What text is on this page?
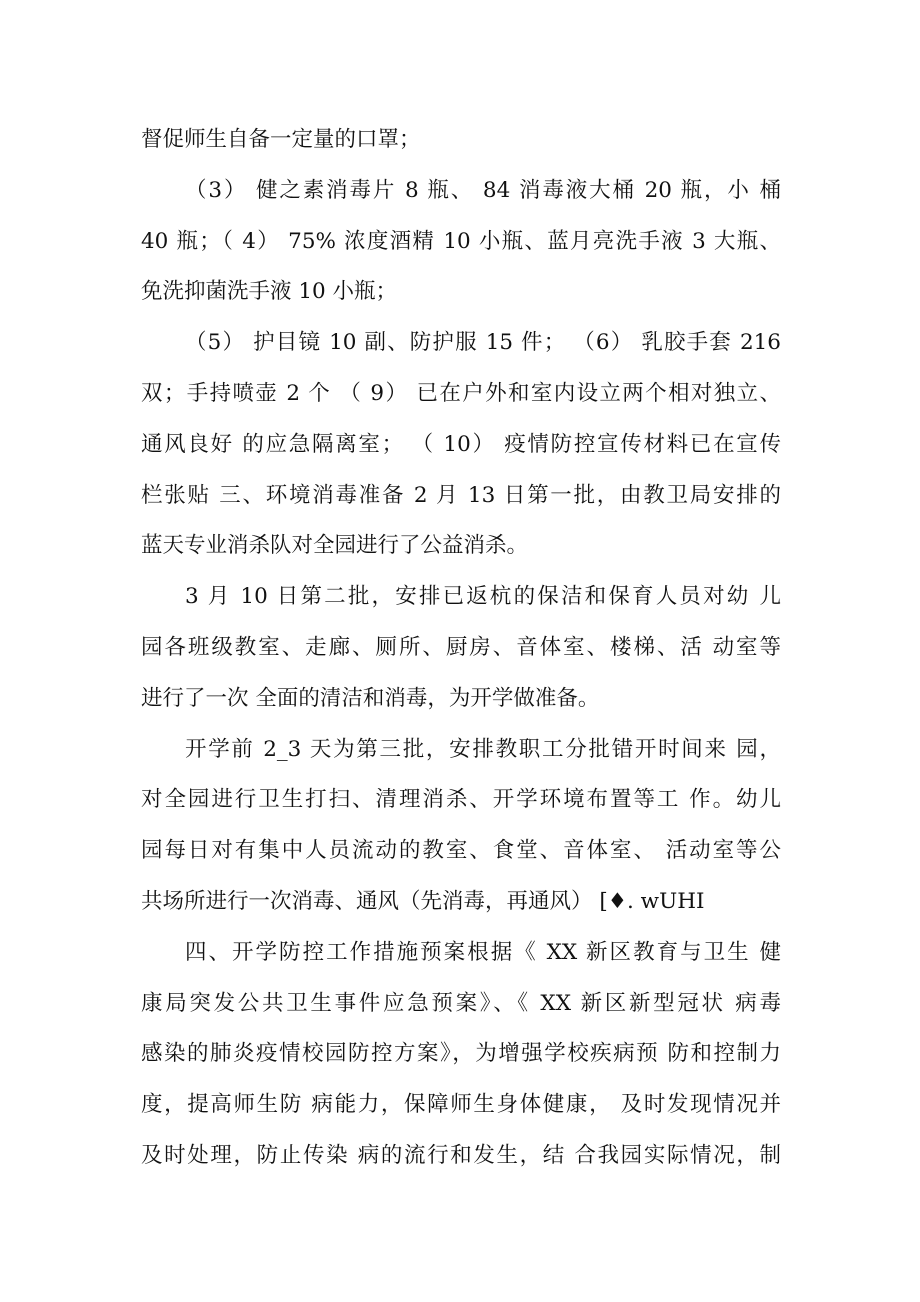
督促师生自备一定量的口罩；
（3） 健之素消毒片 8 瓶、 84 消毒液大桶 20 瓶，小 桶
40 瓶；（ 4） 75% 浓度酒精 10 小瓶、蓝月亮洗手液 3 大瓶、
免洗抑菌洗手液 10 小瓶；
（5） 护目镜 10 副、防护服 15 件； （6） 乳胶手套 216
双；手持喷壶 2 个 （ 9） 已在户外和室内设立两个相对独立、
通风良好 的应急隔离室； （ 10） 疫情防控宣传材料已在宣传
栏张贴 三、环境消毒准备 2 月 13 日第一批，由教卫局安排的
蓝天专业消杀队对全园进行了公益消杀。
3 月 10 日第二批，安排已返杭的保洁和保育人员对幼 儿
园各班级教室、走廊、厕所、厨房、音体室、楼梯、活 动室等
进行了一次 全面的清洁和消毒，为开学做准备。
开学前 2_3 天为第三批，安排教职工分批错开时间来 园，
对全园进行卫生打扫、清理消杀、开学环境布置等工 作。幼儿
园每日对有集中人员流动的教室、食堂、音体室、 活动室等公
共场所进行一次消毒、通风（先消毒，再通风） [♦. wUHI
四、开学防控工作措施预案根据《 XX 新区教育与卫生 健
康局突发公共卫生事件应急预案》、《 XX 新区新型冠状 病毒
感染的肺炎疫情校园防控方案》，为增强学校疾病预 防和控制力
度，提高师生防 病能力，保障师生身体健康， 及时发现情况并
及时处理，防止传染 病的流行和发生，结 合我园实际情况，制
